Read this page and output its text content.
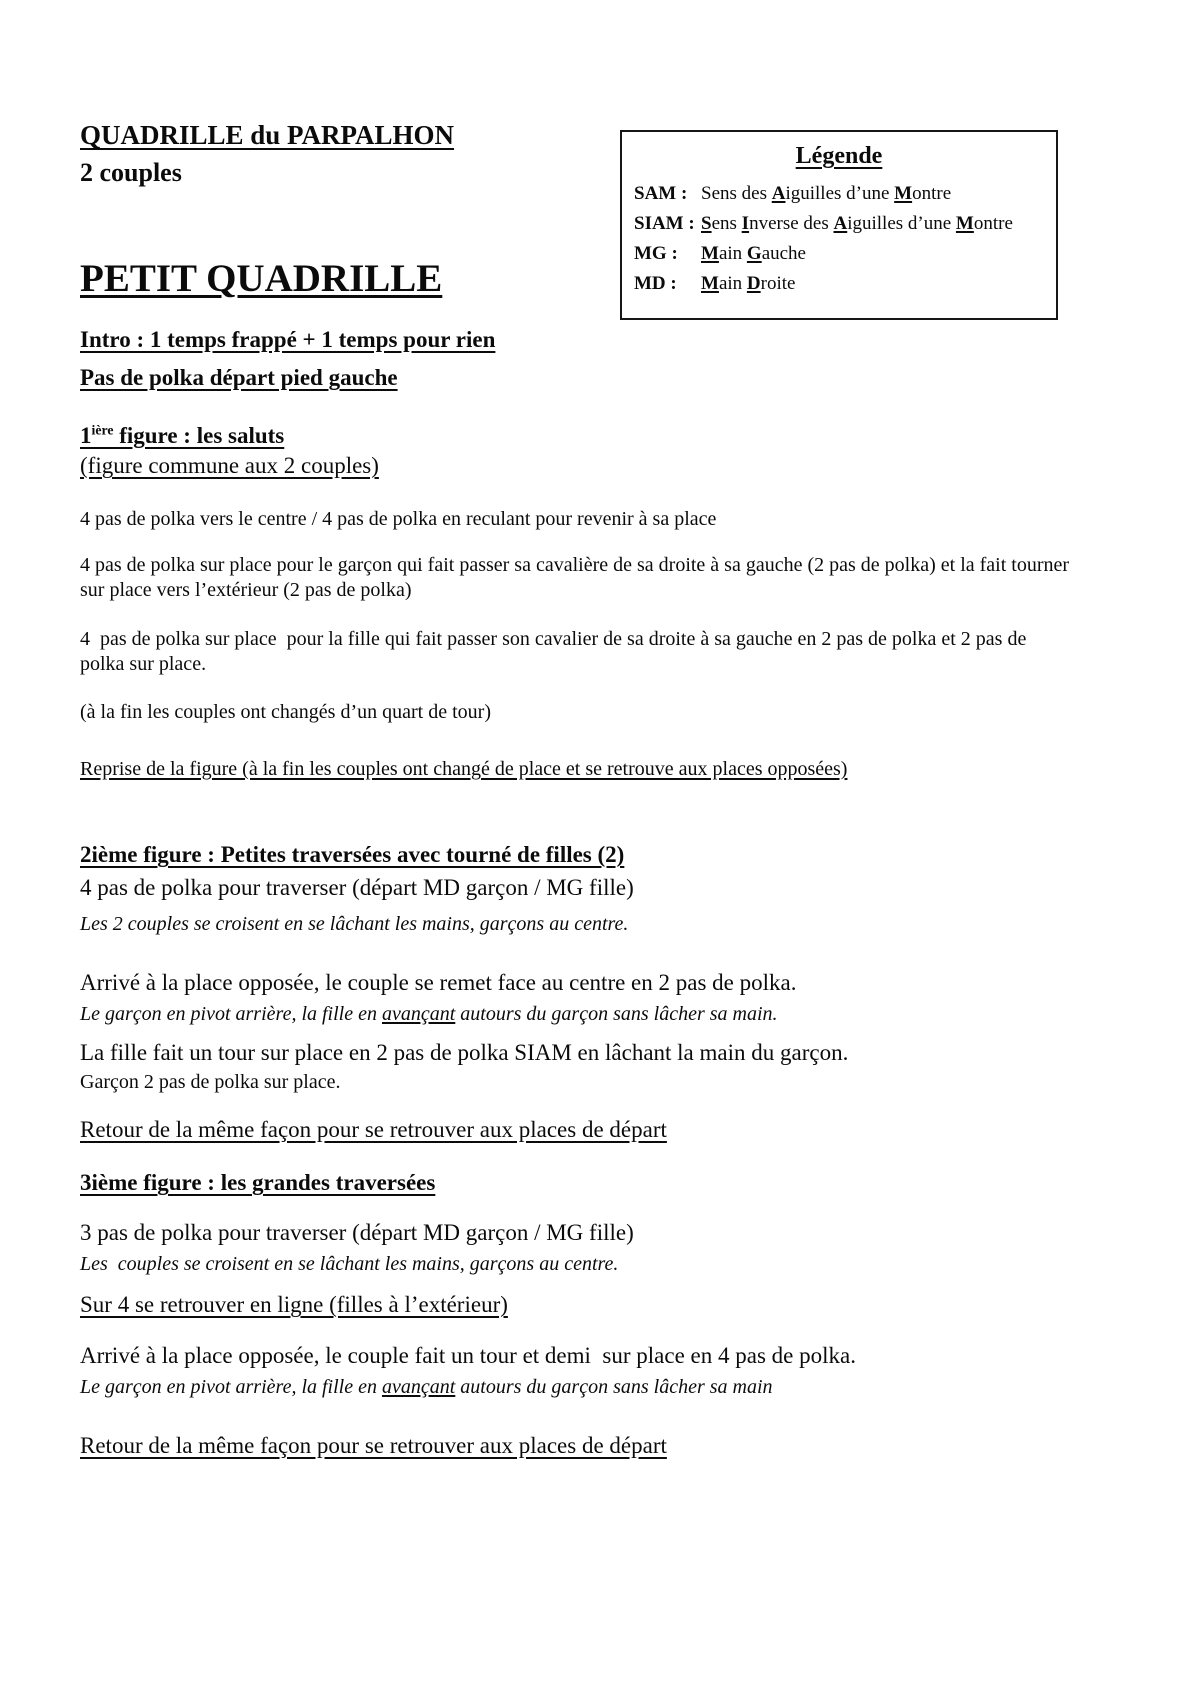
QUADRILLE du PARPALHON
2 couples
Légende
SAM : Sens des Aiguilles d’une Montre
SIAM : Sens Inverse des Aiguilles d’une Montre
MG : Main Gauche
MD : Main Droite
PETIT QUADRILLE
Intro : 1 temps frappé + 1 temps pour rien
Pas de polka départ pied gauche
$1^{ière}$ figure : les saluts
(figure commune aux 2 couples)
4 pas de polka vers le centre / 4 pas de polka en reculant pour revenir à sa place
4 pas de polka sur place pour le garçon qui fait passer sa cavalière de sa droite à sa gauche (2 pas de polka) et la fait tourner sur place vers l’extérieur (2 pas de polka)
4  pas de polka sur place  pour la fille qui fait passer son cavalier de sa droite à sa gauche en 2 pas de polka et 2 pas de polka sur place.
(à la fin les couples ont changés d’un quart de tour)
Reprise de la figure (à la fin les couples ont changé de place et se retrouve aux places opposées)
2ième figure : Petites traversées avec tourné de filles (2)
4 pas de polka pour traverser (départ MD garçon / MG fille)
Les 2 couples se croisent en se lâchant les mains, garçons au centre.
Arrivé à la place opposée, le couple se remet face au centre en 2 pas de polka.
Le garçon en pivot arrière, la fille en avançant autours du garçon sans lâcher sa main.
La fille fait un tour sur place en 2 pas de polka SIAM en lâchant la main du garçon.
Garçon 2 pas de polka sur place.
Retour de la même façon pour se retrouver aux places de départ
3ième figure : les grandes traversées
3 pas de polka pour traverser (départ MD garçon / MG fille)
Les  couples se croisent en se lâchant les mains, garçons au centre.
Sur 4 se retrouver en ligne (filles à l’extérieur)
Arrivé à la place opposée, le couple fait un tour et demi  sur place en 4 pas de polka.
Le garçon en pivot arrière, la fille en avançant autours du garçon sans lâcher sa main
Retour de la même façon pour se retrouver aux places de départ
